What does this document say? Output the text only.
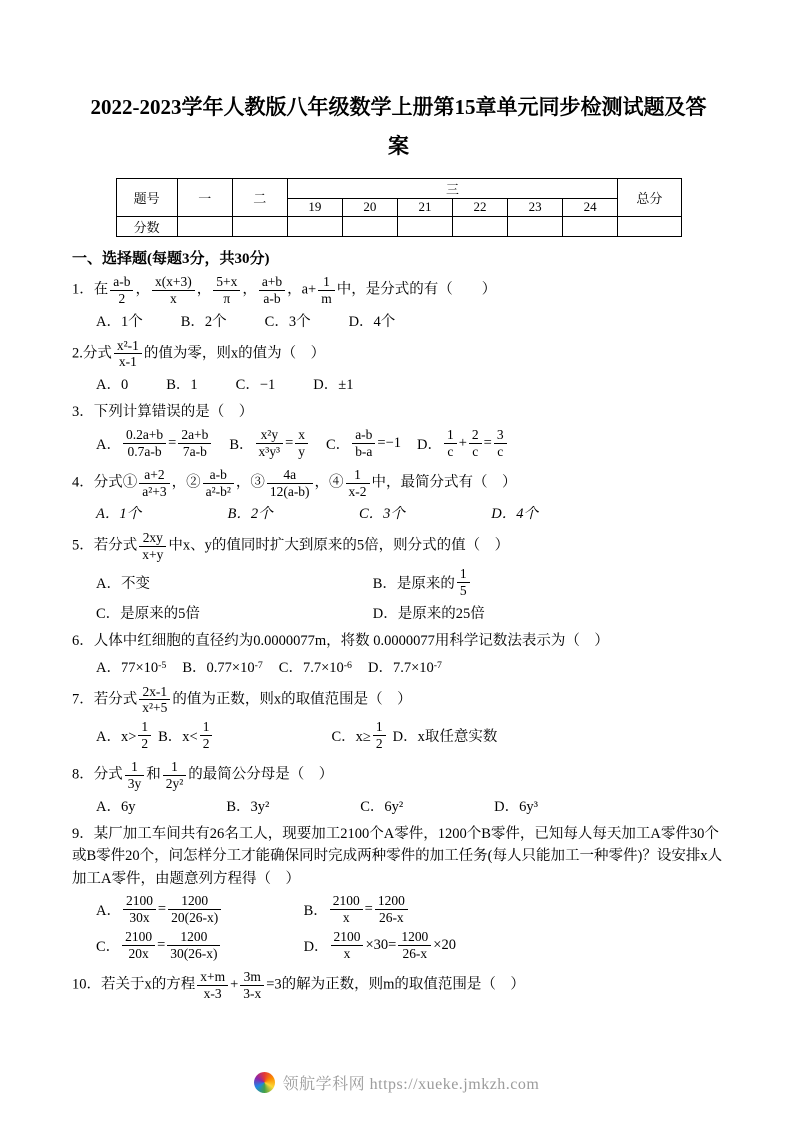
2022-2023学年人教版八年级数学上册第15章单元同步检测试题及答
案
题号	一	二	三						总分
			19	20	21	22	23	24	
分数									
一、选择题(每题3分，共30分)
1．在 $\frac{a-b}{2}$ ， $\frac{x(x+3)}{x}$ ， $\frac{5+x}{\pi}$ ， $\frac{a+b}{a-b}$ ，$a+ \frac{1}{m}$ 中，是分式的有（　　）
A．1个	B．2个	C．3个	D．4个
2.分式 $\frac{\text{x²-1}}{x-1}$ 的值为零，则x的值为（　）
A．0	B．1	C．−1	D．±1
3．下列计算错误的是（　）
A． $\frac{0.2a+b}{0.7a-b} = \frac{2a+b}{7a-b}$ B． $\frac{\text{x²y}}{\text{x³y³}} = \frac{x}{y}$ C． $\frac{a-b}{b-a} =-1$ D． $\frac{1}{c} + \frac{2}{c} = \frac{3}{c}$
4．分式① $\frac{a+2}{\text{a²+3}}$ ，② $\frac{a-b}{\text{a²-b²}}$ ，③ $\frac{4a}{12(a-b)}$ ，④ $\frac{1}{x-2}$ 中，最简分式有（　）
A．1个	B．2个	C．3个	D．4个
5．若分式 $\frac{2xy}{x+y}$ 中x、y的值同时扩大到原来的5倍，则分式的值（　）
A．不变	B．是原来的 $\frac{1}{5}$
C．是原来的5倍	D．是原来的25倍
6．人体中红细胞的直径约为0.0000077m，将数 0.0000077用科学记数法表示为（　）
A．77×10 -5 B．0.77×10 -7 C．7.7×10 -6 D．7.7×10 -7
7．若分式 $\frac{2x-1}{\text{x²+5}}$ 的值为正数，则x的取值范围是（　）
A．$x> \frac{1}{2}$ B．$x< \frac{1}{2}$	C．$x\ge \frac{1}{2}$ D．x取任意实数
8．分式 $\frac{1}{3y}$ 和 $\frac{1}{\text{2y²}}$ 的最简公分母是（　）
A．6y	B．3y²	C．6y²	D．6y³
9．某厂加工车间共有26名工人，现要加工2100个A零件，1200个B零件，已知每人每天加工A零件30个或B零件20个，问怎样分工才能确保同时完成两种零件的加工任务(每人只能加工一种零件)？设安排x人加工A零件，由题意列方程得（　）
A． $\frac{2100}{30x} = \frac{1200}{20(26-x)}$	B． $\frac{2100}{x} = \frac{1200}{26-x}$
C． $\frac{2100}{20x} = \frac{1200}{30(26-x)}$	D． $\frac{2100}{x} \times 30= \frac{1200}{26-x} \times 20$
10．若关于x的方程 $\frac{x+m}{x-3} + \frac{3m}{3-x} =3$的解为正数，则m的取值范围是（　）
领航学科网 https://xueke.jmkzh.com
